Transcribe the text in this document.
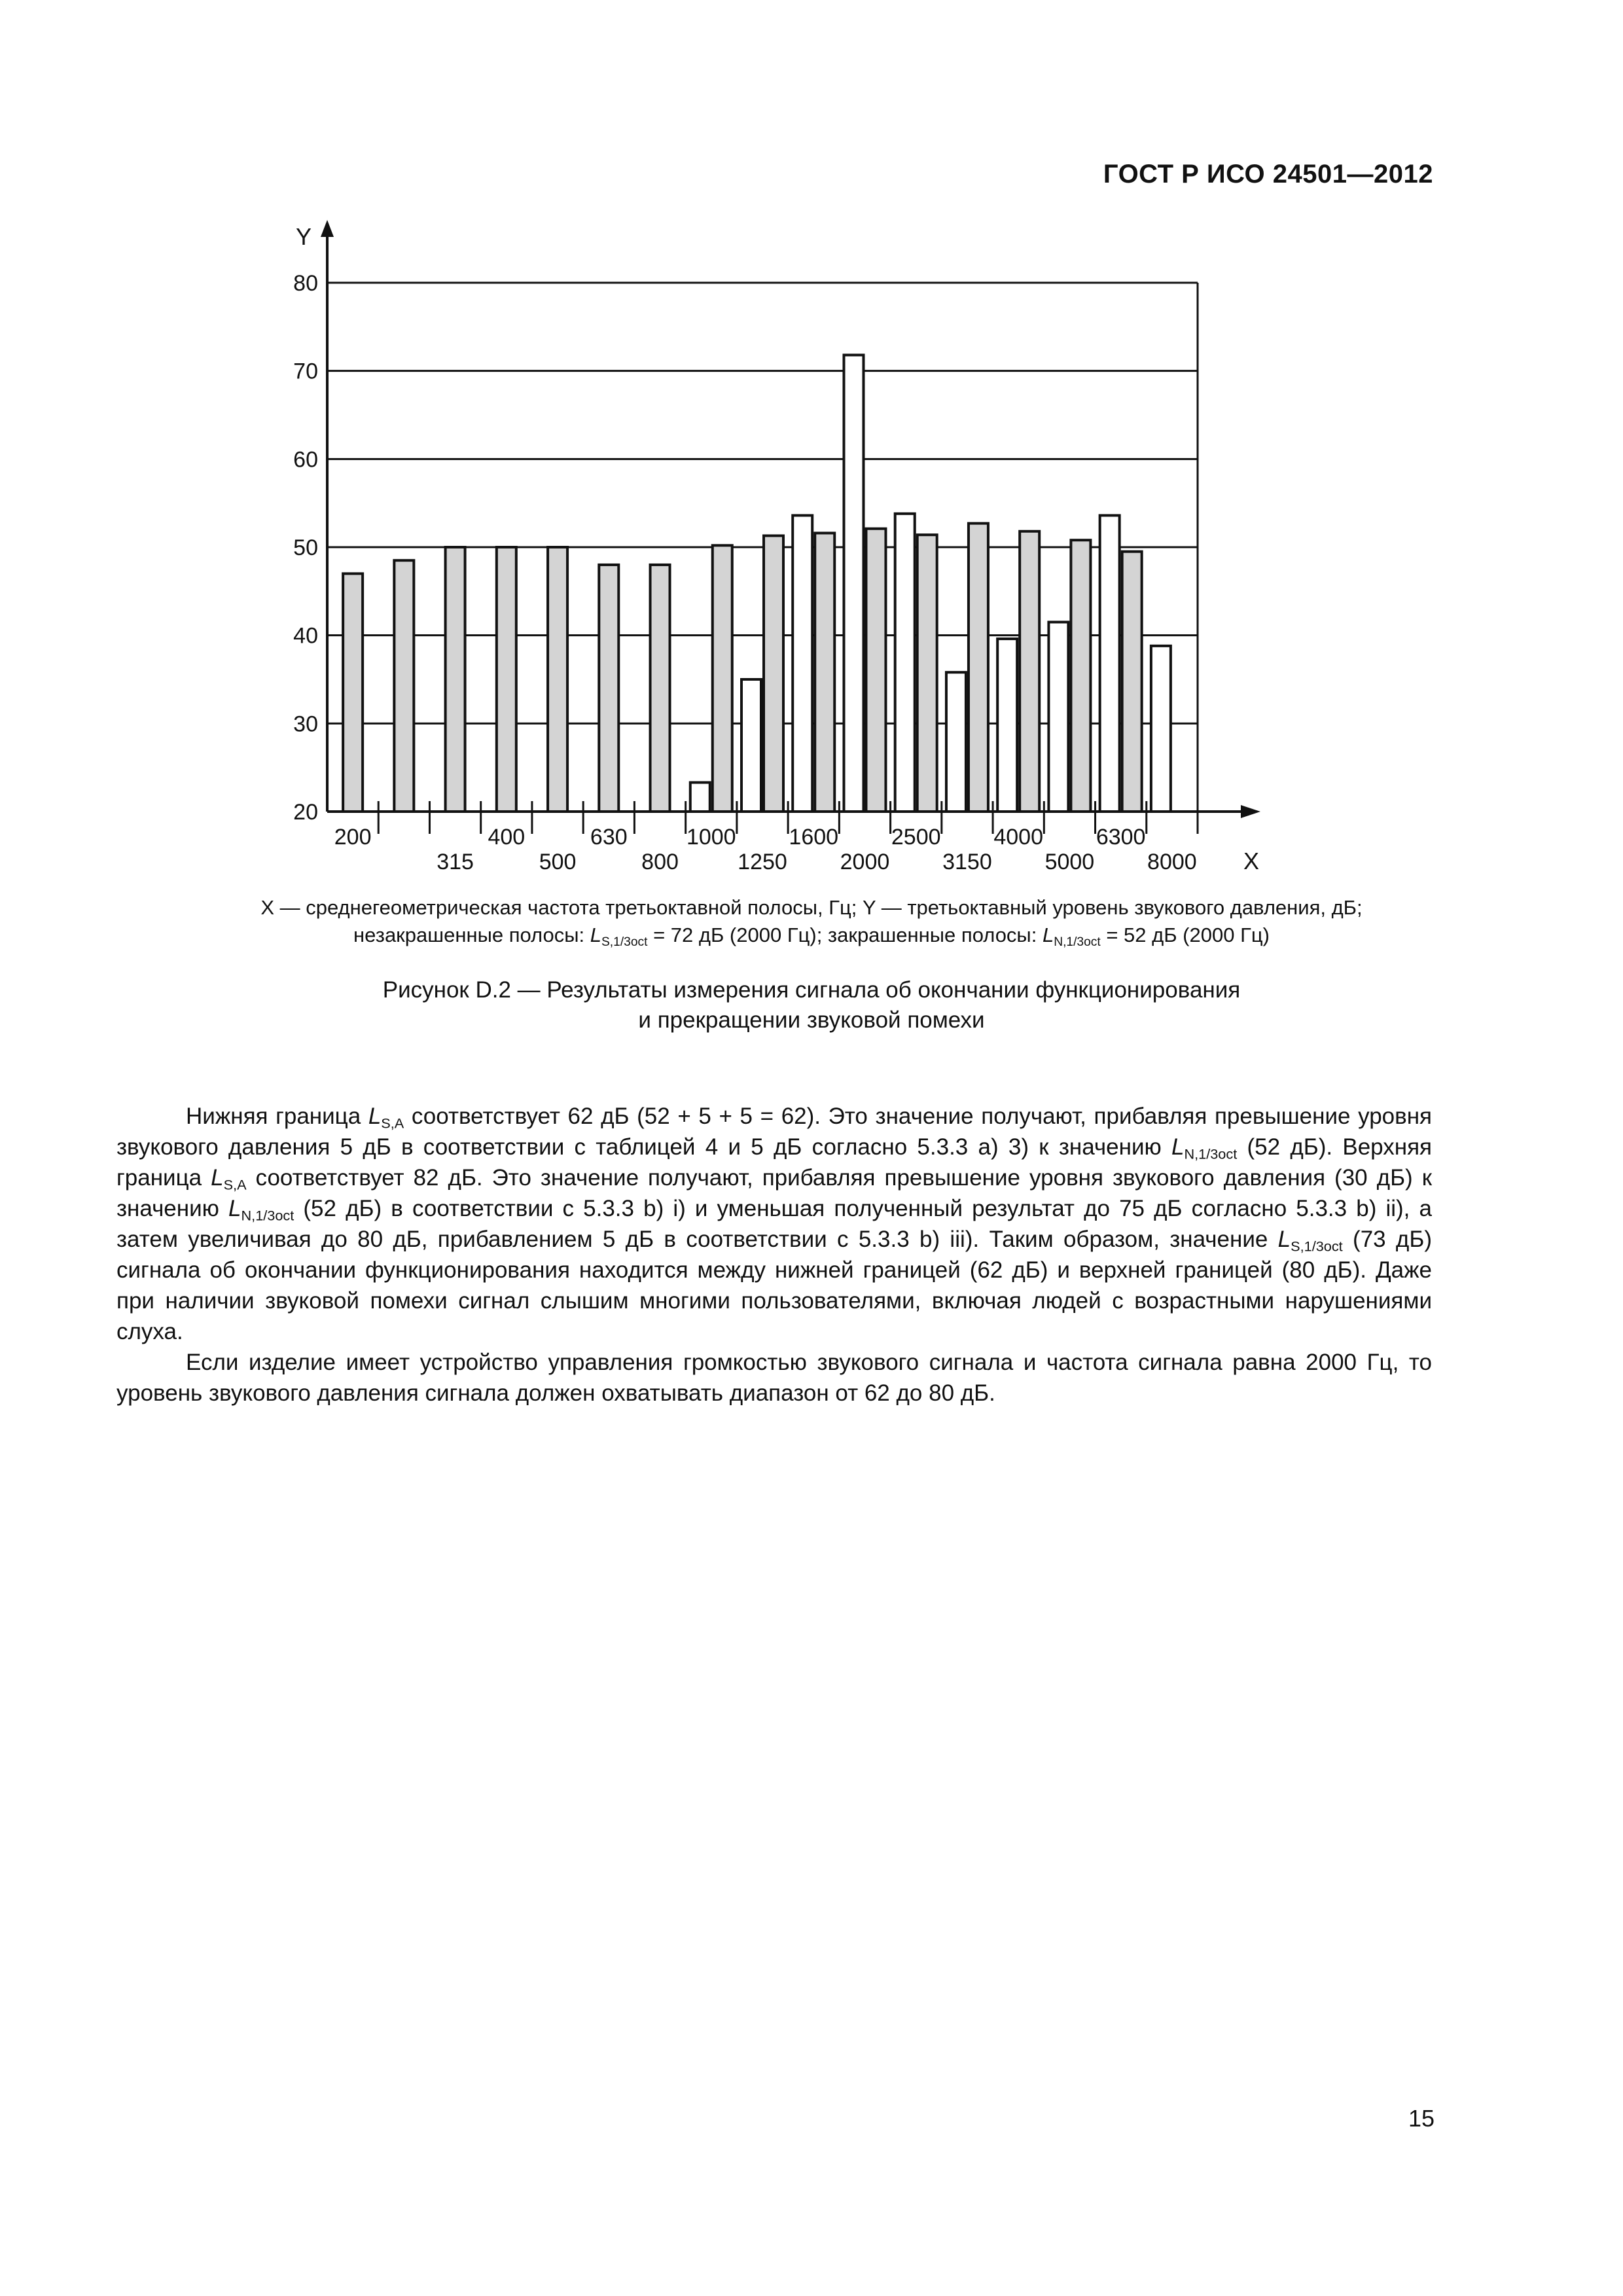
ГОСТ Р ИСО 24501—2012
20
30
40
50
60
70
80
200
315
400
500
630
800
1000
1250
1600
2000
2500
3150
4000
5000
6300
8000
Y
X
X — среднегеометрическая частота третьоктавной полосы, Гц; Y — третьоктавный уровень звукового давления, дБ;
незакрашенные полосы: $L_{S,1/3oct} = 72$ дБ (2000 Гц); закрашенные полосы: $L_{N,1/3oct} = 52$ дБ (2000 Гц)
Рисунок D.2 — Результаты измерения сигнала об окончании функционирования
и прекращении звуковой помехи

Нижняя граница $L_{S,A}$ соответствует 62 дБ (52 + 5 + 5 = 62). Это значение получают, прибавляя превышение уровня звукового давления 5 дБ в соответствии с таблицей 4 и 5 дБ согласно 5.3.3 а) 3) к значению $L_{N,1/3oct}$ (52 дБ). Верхняя граница $L_{S,A}$ соответствует 82 дБ. Это значение получают, прибавляя превышение уровня звукового давления (30 дБ) к значению $L_{N,1/3oct}$ (52 дБ) в соответствии с 5.3.3 b) i) и уменьшая полученный результат до 75 дБ согласно 5.3.3 b) ii), а затем увеличивая до 80 дБ, прибавлением 5 дБ в соответствии с 5.3.3 b) iii). Таким образом, значение $L_{S,1/3oct}$ (73 дБ) сигнала об окончании функционирования находится между нижней границей (62 дБ) и верхней границей (80 дБ). Даже при наличии звуковой помехи сигнал слышим многими пользователями, включая людей с возрастными нарушениями слуха.

Если изделие имеет устройство управления громкостью звукового сигнала и частота сигнала равна 2000 Гц, то уровень звукового давления сигнала должен охватывать диапазон от 62 до 80 дБ.

15
